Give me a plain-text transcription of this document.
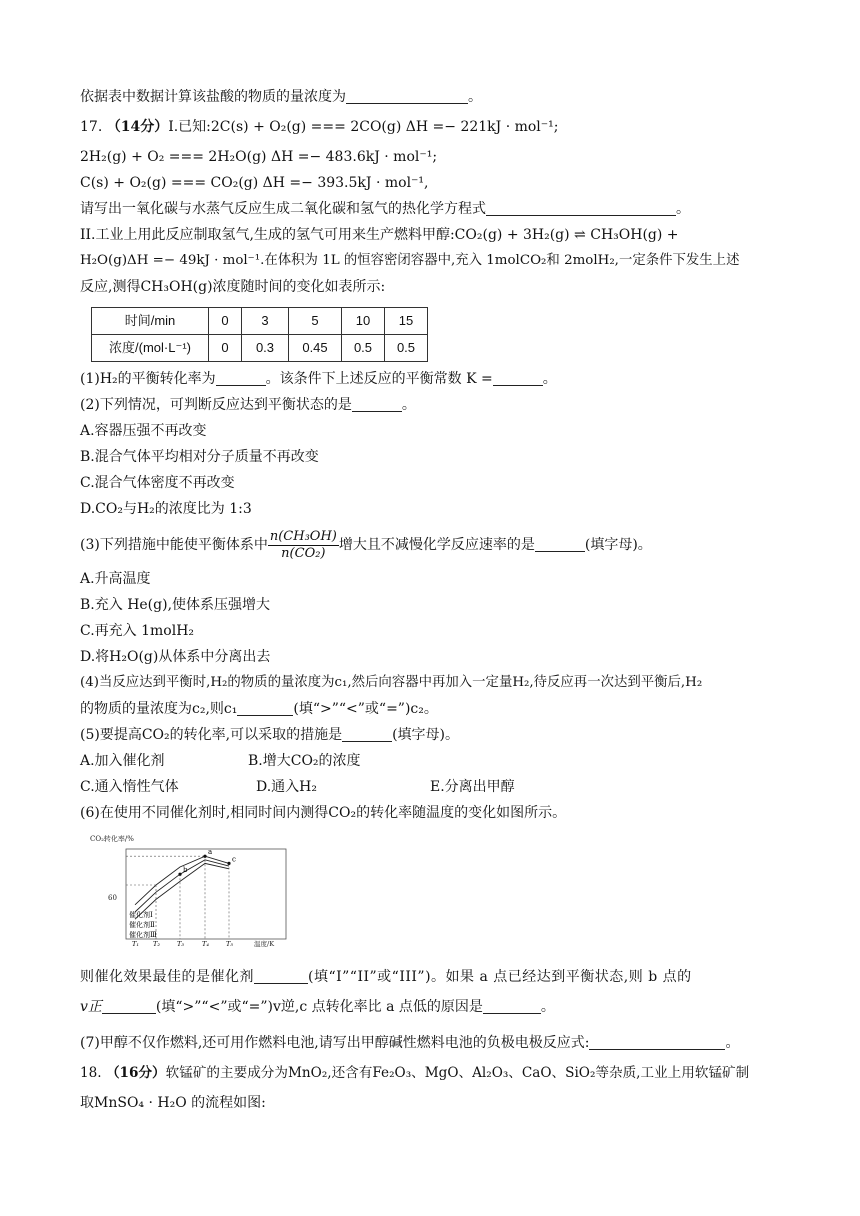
依据表中数据计算该盐酸的物质的量浓度为	。
17. （14分）I.已知:2C(s) + O₂(g) === 2CO(g) ΔH =− 221kJ · mol⁻¹;
2H₂(g) + O₂ === 2H₂O(g) ΔH =− 483.6kJ · mol⁻¹;
C(s) + O₂(g) === CO₂(g) ΔH =− 393.5kJ · mol⁻¹,
请写出一氧化碳与水蒸气反应生成二氧化碳和氢气的热化学方程式	。
II.工业上用此反应制取氢气,生成的氢气可用来生产燃料甲醇:CO₂(g) + 3H₂(g) ⇌ CH₃OH(g) +
H₂O(g)ΔH =− 49kJ · mol⁻¹.在体积为 1L 的恒容密闭容器中,充入 1molCO₂和 2molH₂,一定条件下发生上述
反应,测得CH₃OH(g)浓度随时间的变化如表所示:
时间/min	0	3	5	10	15
浓度/(mol·L⁻¹)	0	0.3	0.45	0.5	0.5
(1)H₂的平衡转化率为	。该条件下上述反应的平衡常数 K =	。
(2)下列情况，可判断反应达到平衡状态的是	。
A.容器压强不再改变
B.混合气体平均相对分子质量不再改变
C.混合气体密度不再改变
D.CO₂与H₂的浓度比为 1:3
(3)下列措施中能使平衡体系中 $\frac{\text{n(CH₃OH)}}{\text{n(CO₂)}}$ 增大且不减慢化学反应速率的是	(填字母)。
A.升高温度
B.充入 He(g),使体系压强增大
C.再充入 1molH₂
D.将H₂O(g)从体系中分离出去
(4)当反应达到平衡时,H₂的物质的量浓度为c₁,然后向容器中再加入一定量H₂,待反应再一次达到平衡后,H₂
的物质的量浓度为c₂,则c₁	(填“>”“<”或“=”)c₂。
(5)要提高CO₂的转化率,可以采取的措施是	(填字母)。
A.加入催化剂	B.增大CO₂的浓度
C.通入惰性气体	D.通入H₂	E.分离出甲醇
(6)在使用不同催化剂时,相同时间内测得CO₂的转化率随温度的变化如图所示。
CO₂转化率/%
温度/K
60
a
b
c
T₁ T₂	T₃	T₄	T₅
催化剂Ⅰ
催化剂Ⅱ
催化剂Ⅲ
则催化效果最佳的是催化剂	(填“I”“II”或“III”)。如果 a 点已经达到平衡状态,则 b 点的
v正	(填“>”“<”或“=”)v逆,c 点转化率比 a 点低的原因是	。
(7)甲醇不仅作燃料,还可用作燃料电池,请写出甲醇碱性燃料电池的负极电极反应式:	。
18. （16分）软锰矿的主要成分为MnO₂,还含有Fe₂O₃、MgO、Al₂O₃、CaO、SiO₂等杂质,工业上用软锰矿制
取MnSO₄ · H₂O 的流程如图:
